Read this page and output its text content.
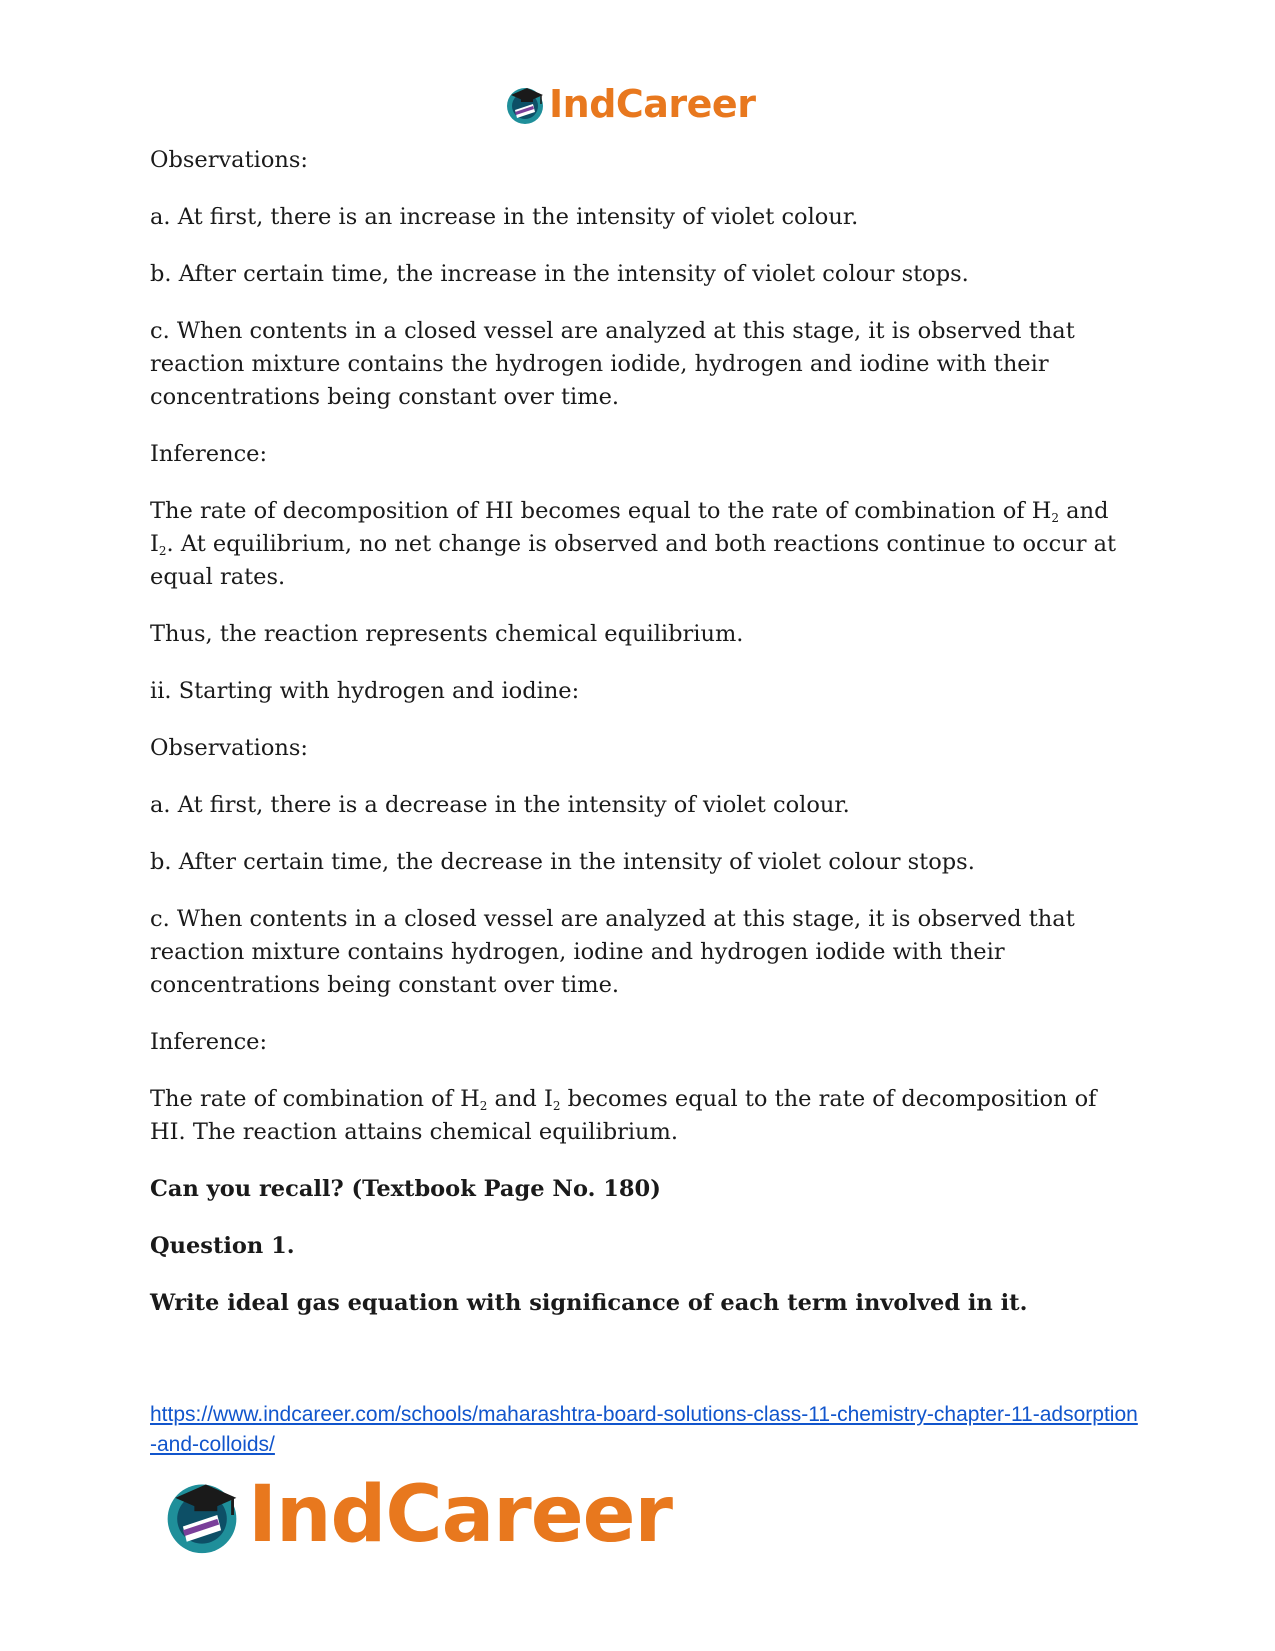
IndCareer

Observations:

a. At first, there is an increase in the intensity of violet colour.

b. After certain time, the increase in the intensity of violet colour stops.

c. When contents in a closed vessel are analyzed at this stage, it is observed that reaction mixture contains the hydrogen iodide, hydrogen and iodine with their concentrations being constant over time.

Inference:

The rate of decomposition of HI becomes equal to the rate of combination of $H_2$ and $I_2$. At equilibrium, no net change is observed and both reactions continue to occur at equal rates.

Thus, the reaction represents chemical equilibrium.

ii. Starting with hydrogen and iodine:

Observations:

a. At first, there is a decrease in the intensity of violet colour.

b. After certain time, the decrease in the intensity of violet colour stops.

c. When contents in a closed vessel are analyzed at this stage, it is observed that reaction mixture contains hydrogen, iodine and hydrogen iodide with their concentrations being constant over time.

Inference:

The rate of combination of $H_2$ and $I_2$ becomes equal to the rate of decomposition of HI. The reaction attains chemical equilibrium.

Can you recall? (Textbook Page No. 180)

Question 1.

Write ideal gas equation with significance of each term involved in it.

https://www.indcareer.com/schools/maharashtra-board-solutions-class-11-chemistry-chapter-11-adsorption-and-colloids/
IndCareer
